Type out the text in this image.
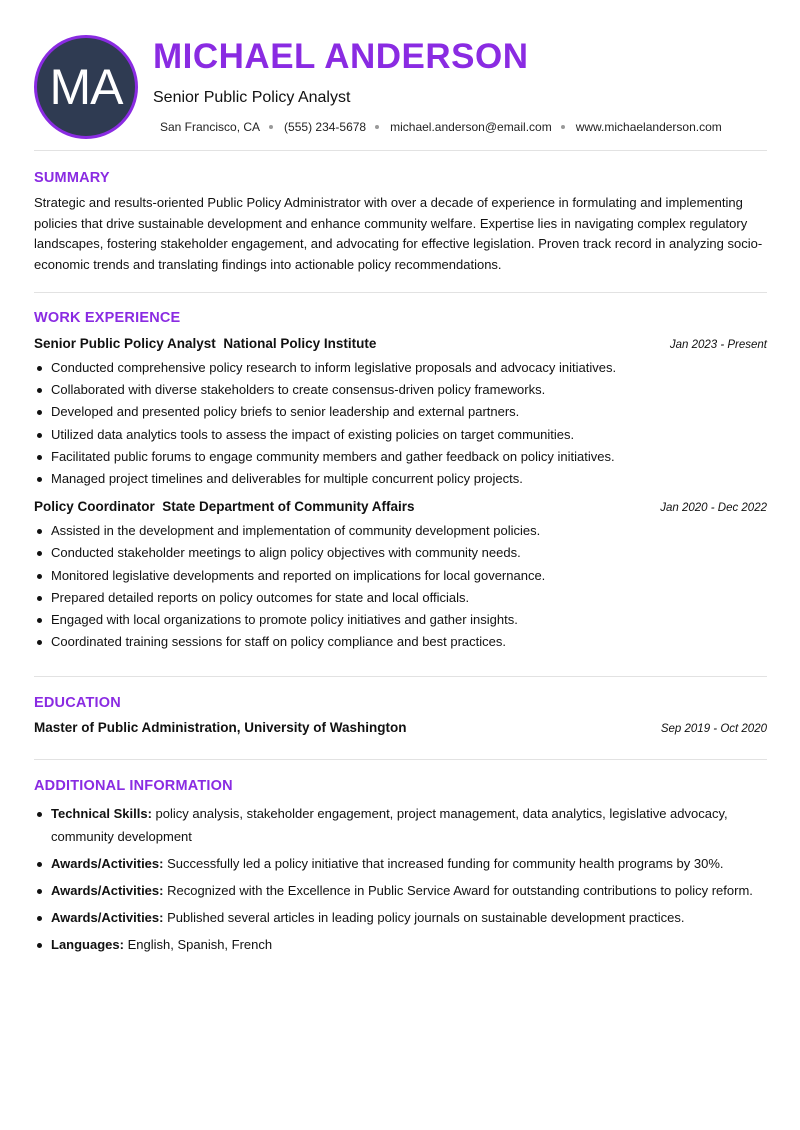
MA
MICHAEL ANDERSON
Senior Public Policy Analyst
San Francisco, CA (555) 234-5678 michael.anderson@email.com www.michaelanderson.com
SUMMARY
Strategic and results-oriented Public Policy Administrator with over a decade of experience in formulating and implementing policies that drive sustainable development and enhance community welfare. Expertise lies in navigating complex regulatory landscapes, fostering stakeholder engagement, and advocating for effective legislation. Proven track record in analyzing socio-economic trends and translating findings into actionable policy recommendations.
WORK EXPERIENCE
Senior Public Policy Analyst National Policy Institute	Jan 2023 - Present
Conducted comprehensive policy research to inform legislative proposals and advocacy initiatives.
Collaborated with diverse stakeholders to create consensus-driven policy frameworks.
Developed and presented policy briefs to senior leadership and external partners.
Utilized data analytics tools to assess the impact of existing policies on target communities.
Facilitated public forums to engage community members and gather feedback on policy initiatives.
Managed project timelines and deliverables for multiple concurrent policy projects.
Policy Coordinator State Department of Community Affairs	Jan 2020 - Dec 2022
Assisted in the development and implementation of community development policies.
Conducted stakeholder meetings to align policy objectives with community needs.
Monitored legislative developments and reported on implications for local governance.
Prepared detailed reports on policy outcomes for state and local officials.
Engaged with local organizations to promote policy initiatives and gather insights.
Coordinated training sessions for staff on policy compliance and best practices.
EDUCATION
Master of Public Administration, University of Washington	Sep 2019 - Oct 2020
ADDITIONAL INFORMATION
Technical Skills: policy analysis, stakeholder engagement, project management, data analytics, legislative advocacy, community development
Awards/Activities: Successfully led a policy initiative that increased funding for community health programs by 30%.
Awards/Activities: Recognized with the Excellence in Public Service Award for outstanding contributions to policy reform.
Awards/Activities: Published several articles in leading policy journals on sustainable development practices.
Languages: English, Spanish, French
